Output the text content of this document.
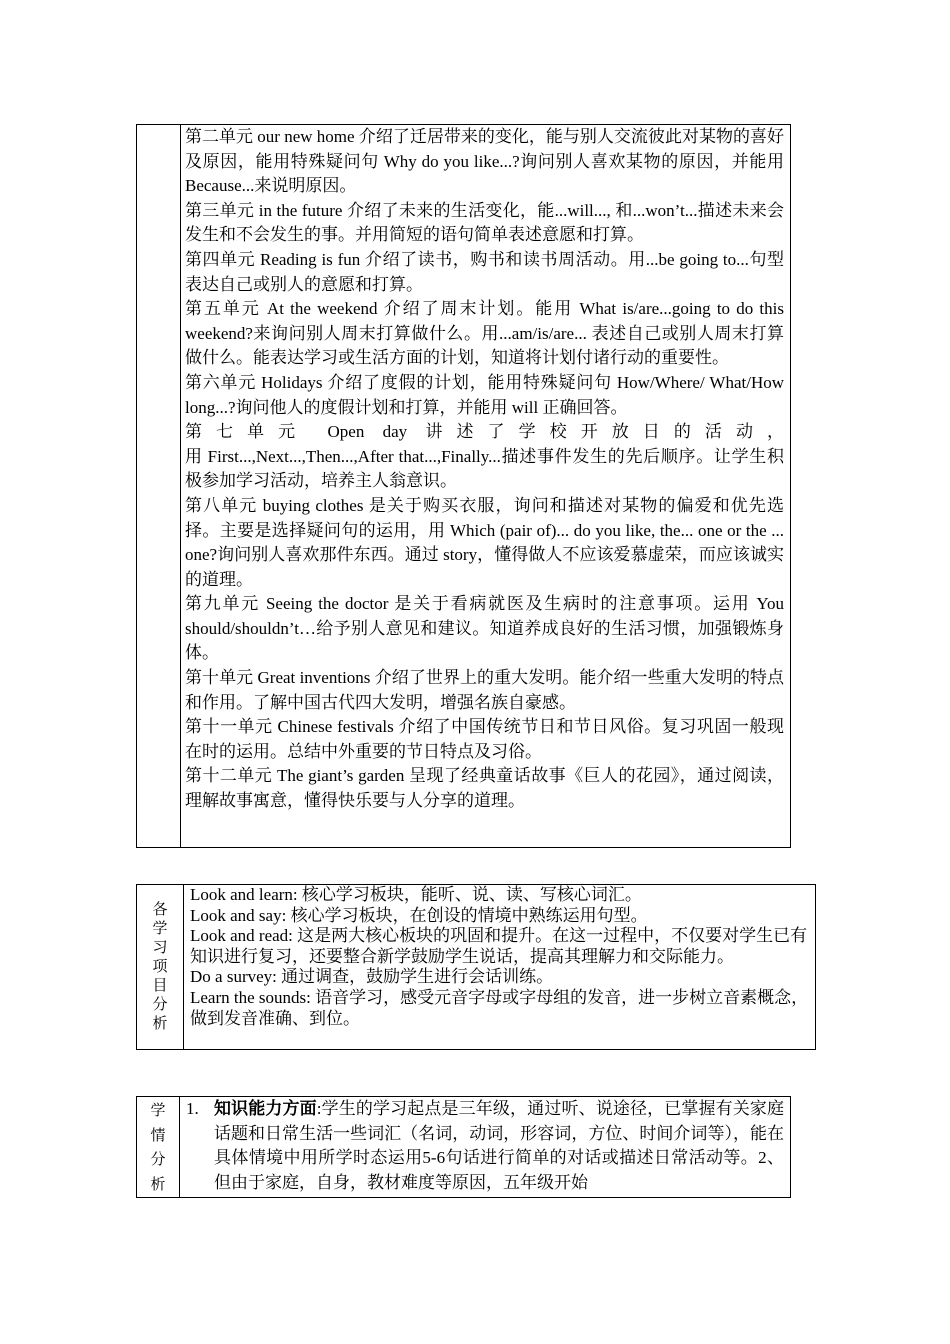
第二单元 our new home 介绍了迁居带来的变化，能与别人交流彼此对某物的喜好及原因，能用特殊疑问句 Why do you like...?询问别人喜欢某物的原因，并能用 Because...来说明原因。

第三单元 in the future 介绍了未来的生活变化，能...will..., 和...won’t...描述未来会发生和不会发生的事。并用简短的语句简单表述意愿和打算。

第四单元 Reading is fun 介绍了读书，购书和读书周活动。用...be going to...句型表达自己或别人的意愿和打算。

第五单元 At the weekend 介绍了周末计划。能用 What is/are...going to do this weekend?来询问别人周末打算做什么。用...am/is/are... 表述自己或别人周末打算做什么。能表达学习或生活方面的计划，知道将计划付诸行动的重要性。

第六单元 Holidays 介绍了度假的计划，能用特殊疑问句 How/Where/ What/How long...?询问他人的度假计划和打算，并能用 will 正确回答。

第七单元 Open day 讲述了学校开放日的活动，

用 First...,Next...,Then...,After that...,Finally...描述事件发生的先后顺序。让学生积极参加学习活动，培养主人翁意识。

第八单元 buying clothes 是关于购买衣服，询问和描述对某物的偏爱和优先选择。主要是选择疑问句的运用，用 Which (pair of)... do you like, the... one or the ... one?询问别人喜欢那件东西。通过 story，懂得做人不应该爱慕虚荣，而应该诚实的道理。

第九单元 Seeing the doctor 是关于看病就医及生病时的注意事项。运用 You should/shouldn’t…给予别人意见和建议。知道养成良好的生活习惯，加强锻炼身体。

第十单元 Great inventions 介绍了世界上的重大发明。能介绍一些重大发明的特点和作用。了解中国古代四大发明，增强名族自豪感。

第十一单元 Chinese festivals 介绍了中国传统节日和节日风俗。复习巩固一般现在时的运用。总结中外重要的节日特点及习俗。

第十二单元 The giant’s garden 呈现了经典童话故事《巨人的花园》，通过阅读，理解故事寓意，懂得快乐要与人分享的道理。

各学习项目分析	

Look and learn: 核心学习板块，能听、说、读、写核心词汇。

Look and say: 核心学习板块，在创设的情境中熟练运用句型。

Look and read: 这是两大核心板块的巩固和提升。在这一过程中，不仅要对学生已有知识进行复习，还要整合新学鼓励学生说话，提高其理解力和交际能力。

Do a survey: 通过调查，鼓励学生进行会话训练。

Learn the sounds: 语音学习，感受元音字母或字母组的发音，进一步树立音素概念，做到发音准确、到位。

学情分析	
1. 知识能力方面:学生的学习起点是三年级，通过听、说途径，已掌握有关家庭话题和日常生活一些词汇（名词，动词，形容词，方位、时间介词等），能在具体情境中用所学时态运用5-6句话进行简单的对话或描述日常活动等。2、但由于家庭，自身，教材难度等原因，五年级开始
